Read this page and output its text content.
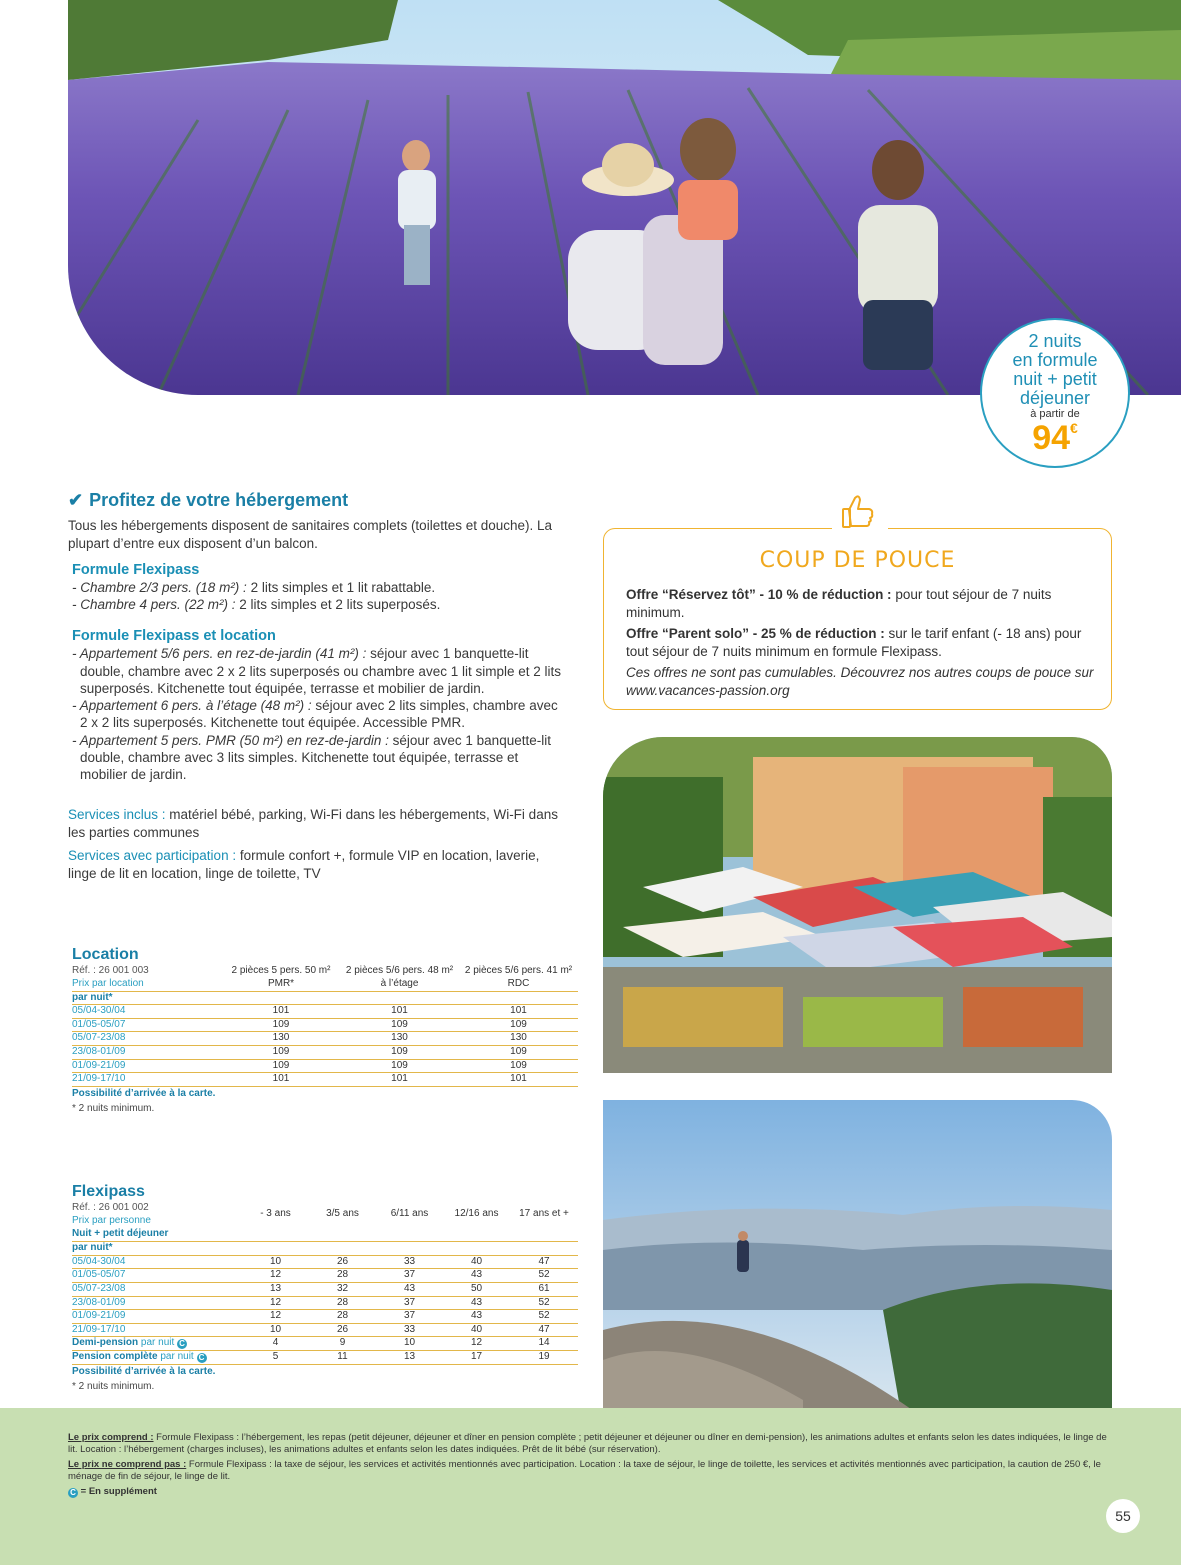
2 nuits
en formule
nuit + petit
déjeuner
à partir de
94€
✔ Profitez de votre hébergement

Tous les hébergements disposent de sanitaires complets (toilettes et douche). La plupart d’entre eux disposent d’un balcon.

Formule Flexipass
- Chambre 2/3 pers. (18 m²) : 2 lits simples et 1 lit rabattable.
- Chambre 4 pers. (22 m²) : 2 lits simples et 2 lits superposés.
Formule Flexipass et location
- Appartement 5/6 pers. en rez-de-jardin (41 m²) : séjour avec 1 banquette-lit double, chambre avec 2 x 2 lits superposés ou chambre avec 1 lit simple et 2 lits superposés. Kitchenette tout équipée, terrasse et mobilier de jardin.
- Appartement 6 pers. à l’étage (48 m²) : séjour avec 2 lits simples, chambre avec 2 x 2 lits superposés. Kitchenette tout équipée. Accessible PMR.
- Appartement 5 pers. PMR (50 m²) en rez-de-jardin : séjour avec 1 banquette-lit double, chambre avec 3 lits simples. Kitchenette tout équipée, terrasse et mobilier de jardin.

Services inclus : matériel bébé, parking, Wi-Fi dans les hébergements, Wi-Fi dans les parties communes

Services avec participation : formule confort +, formule VIP en location, laverie, linge de lit en location, linge de toilette, TV

Location
Réf. : 26 001 003	2 pièces 5 pers. 50 m²	2 pièces 5/6 pers. 48 m²	2 pièces 5/6 pers. 41 m²
Prix par location	PMR*	à l’étage	RDC
par nuit*			
05/04-30/04	101	101	101
01/05-05/07	109	109	109
05/07-23/08	130	130	130
23/08-01/09	109	109	109
01/09-21/09	109	109	109
21/09-17/10	101	101	101
Possibilité d’arrivée à la carte.
* 2 nuits minimum.
Flexipass
Réf. : 26 001 002	- 3 ans	3/5 ans	6/11 ans	12/16 ans	17 ans et +
Prix par personne					
Nuit + petit déjeuner					
par nuit*					
05/04-30/04	10	26	33	40	47
01/05-05/07	12	28	37	43	52
05/07-23/08	13	32	43	50	61
23/08-01/09	12	28	37	43	52
01/09-21/09	12	28	37	43	52
21/09-17/10	10	26	33	40	47
Demi-pension par nuit C	4	9	10	12	14
Pension complète par nuit C	5	11	13	17	19
Possibilité d’arrivée à la carte.
* 2 nuits minimum.
COUP DE POUCE

Offre “Réservez tôt” - 10 % de réduction : pour tout séjour de 7 nuits minimum.

Offre “Parent solo” - 25 % de réduction : sur le tarif enfant (- 18 ans) pour tout séjour de 7 nuits minimum en formule Flexipass.

Ces offres ne sont pas cumulables. Découvrez nos autres coups de pouce sur www.vacances-passion.org

Le prix comprend : Formule Flexipass : l’hébergement, les repas (petit déjeuner, déjeuner et dîner en pension complète ; petit déjeuner et déjeuner ou dîner en demi-pension), les animations adultes et enfants selon les dates indiquées, le linge de lit. Location : l’hébergement (charges incluses), les animations adultes et enfants selon les dates indiquées. Prêt de lit bébé (sur réservation).

Le prix ne comprend pas : Formule Flexipass : la taxe de séjour, les services et activités mentionnés avec participation. Location : la taxe de séjour, le linge de toilette, les services et activités mentionnés avec participation, la caution de 250 €, le ménage de fin de séjour, le linge de lit.

C = En supplément

55
